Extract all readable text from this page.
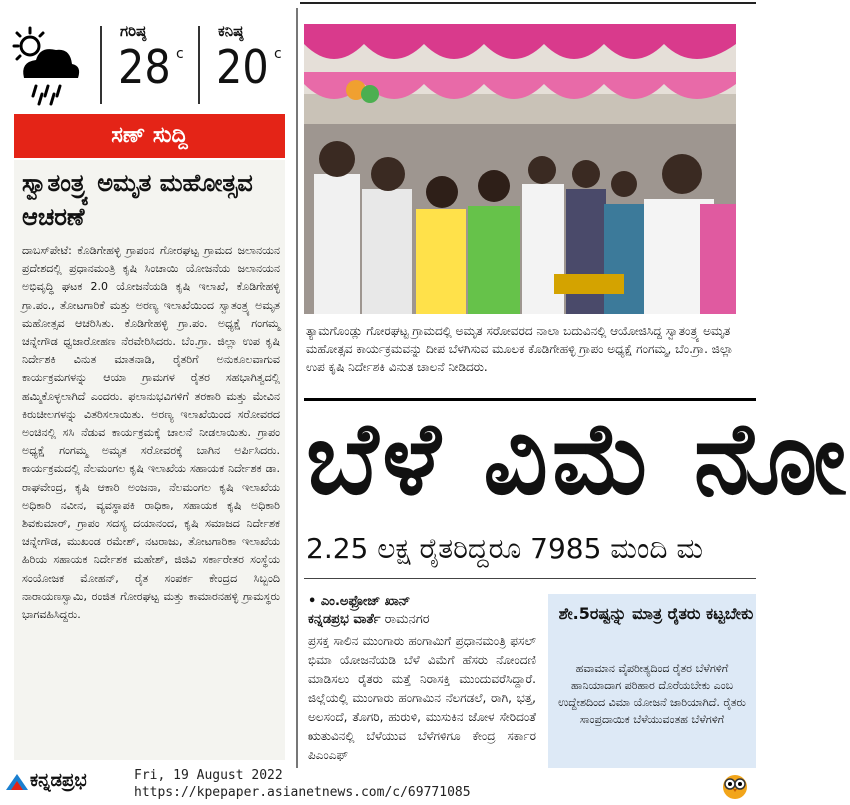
ಗರಿಷ್ಠ
28 c
ಕನಿಷ್ಠ
20 c
ಸಣ್ ಸುದ್ದಿ
ಸ್ವಾತಂತ್ರ್ಯ ಅಮೃತ ಮಹೋತ್ಸವ ಆಚರಣೆ
ದಾಬಸ್‌ಪೇಟೆ: ಕೊಡಿಗೇಹಳ್ಳಿ ಗ್ರಾಪಂನ ಗೋರಘಟ್ಟ ಗ್ರಾಮದ ಜಲಾನಯನ ಪ್ರದೇಶದಲ್ಲಿ ಪ್ರಧಾನಮಂತ್ರಿ ಕೃಷಿ ಸಿಂಚಾಯಿ ಯೋಜನೆಯ ಜಲಾನಯನ ಅಭಿವೃದ್ಧಿ ಘಟಕ 2.0 ಯೋಜನೆಯಡಿ ಕೃಷಿ ಇಲಾಖೆ, ಕೊಡಿಗೇಹಳ್ಳಿ ಗ್ರಾ.ಪಂ., ತೋಟಗಾರಿಕೆ ಮತ್ತು ಅರಣ್ಯ ಇಲಾಖೆಯಿಂದ ಸ್ವಾತಂತ್ರ್ಯ ಅಮೃತ ಮಹೋತ್ಸವ ಆಚರಿಸಿತು. ಕೊಡಿಗೇಹಳ್ಳಿ ಗ್ರಾ.ಪಂ. ಅಧ್ಯಕ್ಷೆ ಗಂಗಮ್ಮ ಚನ್ನೇಗೌಡ ಧ್ವಜಾರೋಹಣ ನೆರವೇರಿಸಿದರು. ಬೆಂ.ಗ್ರಾ. ಜಿಲ್ಲಾ ಉಪ ಕೃಷಿ ನಿರ್ದೇಶಕಿ ವಿನುತ ಮಾತನಾಡಿ, ರೈತರಿಗೆ ಅನುಕೂಲವಾಗುವ ಕಾರ್ಯಕ್ರಮಗಳನ್ನು ಆಯಾ ಗ್ರಾಮಗಳ ರೈತರ ಸಹಭಾಗಿತ್ವದಲ್ಲಿ ಹಮ್ಮಿಕೊಳ್ಳಲಾಗಿದೆ ಎಂದರು. ಫಲಾನುಭವಿಗಳಿಗೆ ತರಕಾರಿ ಮತ್ತು ಮೇವಿನ ಕಿರುಚೀಲಗಳನ್ನು ವಿತರಿಸಲಾಯಿತು. ಅರಣ್ಯ ಇಲಾಖೆಯಿಂದ ಸರೋವರದ ಅಂಚಿನಲ್ಲಿ ಸಸಿ ನೆಡುವ ಕಾರ್ಯಕ್ರಮಕ್ಕೆ ಚಾಲನೆ ನೀಡಲಾಯಿತು. ಗ್ರಾಪಂ ಅಧ್ಯಕ್ಷೆ ಗಂಗಮ್ಮ ಅಮೃತ ಸರೋವರಕ್ಕೆ ಬಾಗಿನ ಅರ್ಪಿಸಿದರು. ಕಾರ್ಯಕ್ರಮದಲ್ಲಿ ನೆಲಮಂಗಲ ಕೃಷಿ ಇಲಾಖೆಯ ಸಹಾಯಕ ನಿರ್ದೇಶಕ ಡಾ. ರಾಘವೇಂದ್ರ, ಕೃಷಿ ಆಕಾರಿ ಅಂಜನಾ, ನೆಲಮಂಗಲ ಕೃಷಿ ಇಲಾಖೆಯ ಅಧಿಕಾರಿ ನವೀನ, ವ್ಯವಸ್ಥಾಪಕಿ ರಾಧಿಕಾ, ಸಹಾಯಕ ಕೃಷಿ ಅಧಿಕಾರಿ ಶಿವಕುಮಾರ್, ಗ್ರಾಪಂ ಸದಸ್ಯ ದಯಾನಂದ, ಕೃಷಿ ಸಮಾಜದ ನಿರ್ದೇಶಕ ಚನ್ನೇಗೌಡ, ಮುಖಂಡ ರಮೇಶ್, ನಟರಾಜು, ತೋಟಗಾರಿಕಾ ಇಲಾಖೆಯ ಹಿರಿಯ ಸಹಾಯಕ ನಿರ್ದೇಶಕ ಮಹೇಶ್, ಜಿಜಿವಿ ಸರ್ಕಾರೇತರ ಸಂಸ್ಥೆಯ ಸಂಯೋಜಕ ಮೋಹನ್, ರೈತ ಸಂಪರ್ಕ ಕೇಂದ್ರದ ಸಿಬ್ಬಂದಿ ನಾರಾಯಣಸ್ವಾಮಿ, ರಂಜಿತ ಗೋರಘಟ್ಟ ಮತ್ತು ಕಾಮಾರನಹಳ್ಳಿ ಗ್ರಾಮಸ್ಥರು ಭಾಗವಹಿಸಿದ್ದರು.
ತ್ಯಾಮಗೊಂಡ್ಲು ಗೋರಘಟ್ಟ ಗ್ರಾಮದಲ್ಲಿ ಅಮೃತ ಸರೋವರದ ನಾಲಾ ಬದುವಿನಲ್ಲಿ ಆಯೋಜಿಸಿದ್ದ ಸ್ವಾತಂತ್ರ್ಯ ಅಮೃತ ಮಹೋತ್ಸವ ಕಾರ್ಯಕ್ರಮವನ್ನು ದೀಪ ಬೆಳಗಿಸುವ ಮೂಲಕ ಕೊಡಿಗೇಹಳ್ಳಿ ಗ್ರಾಪಂ ಅಧ್ಯಕ್ಷೆ ಗಂಗಮ್ಮ, ಬೆಂ.ಗ್ರಾ. ಜಿಲ್ಲಾ ಉಪ ಕೃಷಿ ನಿರ್ದೇಶಕಿ ವಿನುತ ಚಾಲನೆ ನೀಡಿದರು.
ಬೆಳೆ ವಿಮೆ ನೋ
2.25 ಲಕ್ಷ ರೈತರಿದ್ದರೂ 7985 ಮಂದಿ ಮ
• ಎಂ.ಅಫ್ರೋಜ್ ಖಾನ್
ಕನ್ನಡಪ್ರಭ ವಾರ್ತೆ ರಾಮನಗರ
ಪ್ರಸಕ್ತ ಸಾಲಿನ ಮುಂಗಾರು ಹಂಗಾಮಿಗೆ ಪ್ರಧಾನಮಂತ್ರಿ ಫಸಲ್ ಭಿಮಾ ಯೋಜನೆಯಡಿ ಬೆಳೆ ವಿಮೆಗೆ ಹೆಸರು ನೋಂದಣಿ ಮಾಡಿಸಲು ರೈತರು ಮತ್ತೆ ನಿರಾಸಕ್ತಿ ಮುಂದುವರೆಸಿದ್ದಾರೆ. ಜಿಲ್ಲೆಯಲ್ಲಿ ಮುಂಗಾರು ಹಂಗಾಮಿನ ನೆಲಗಡಲೆ, ರಾಗಿ, ಭತ್ತ, ಅಲಸಂದೆ, ತೊಗರಿ, ಹುರುಳಿ, ಮುಸುಕಿನ ಜೋಳ ಸೇರಿದಂತೆ ಋತುವಿನಲ್ಲಿ ಬೆಳೆಯುವ ಬೆಳೆಗಳಿಗೂ ಕೇಂದ್ರ ಸರ್ಕಾರ ಪಿಎಂಎಫ್
ಶೇ.5ರಷ್ಟನ್ನು ಮಾತ್ರ ರೈತರು ಕಟ್ಟಬೇಕು
ಹವಾಮಾನ ವೈಪರೀತ್ಯದಿಂದ ರೈತರ ಬೆಳೆಗಳಿಗೆ ಹಾನಿಯಾದಾಗ ಪರಿಹಾರ ದೊರೆಯಬೇಕು ಎಂಬ ಉದ್ದೇಶದಿಂದ ವಿಮಾ ಯೋಜನೆ ಜಾರಿಯಾಗಿದೆ. ರೈತರು ಸಾಂಪ್ರದಾಯಿಕ ಬೆಳೆಯುವಂತಹ ಬೆಳೆಗಳಿಗೆ
ಕನ್ನಡಪ್ರಭ	Fri, 19 August 2022
https://kpepaper.asianetnews.com/c/69771085
